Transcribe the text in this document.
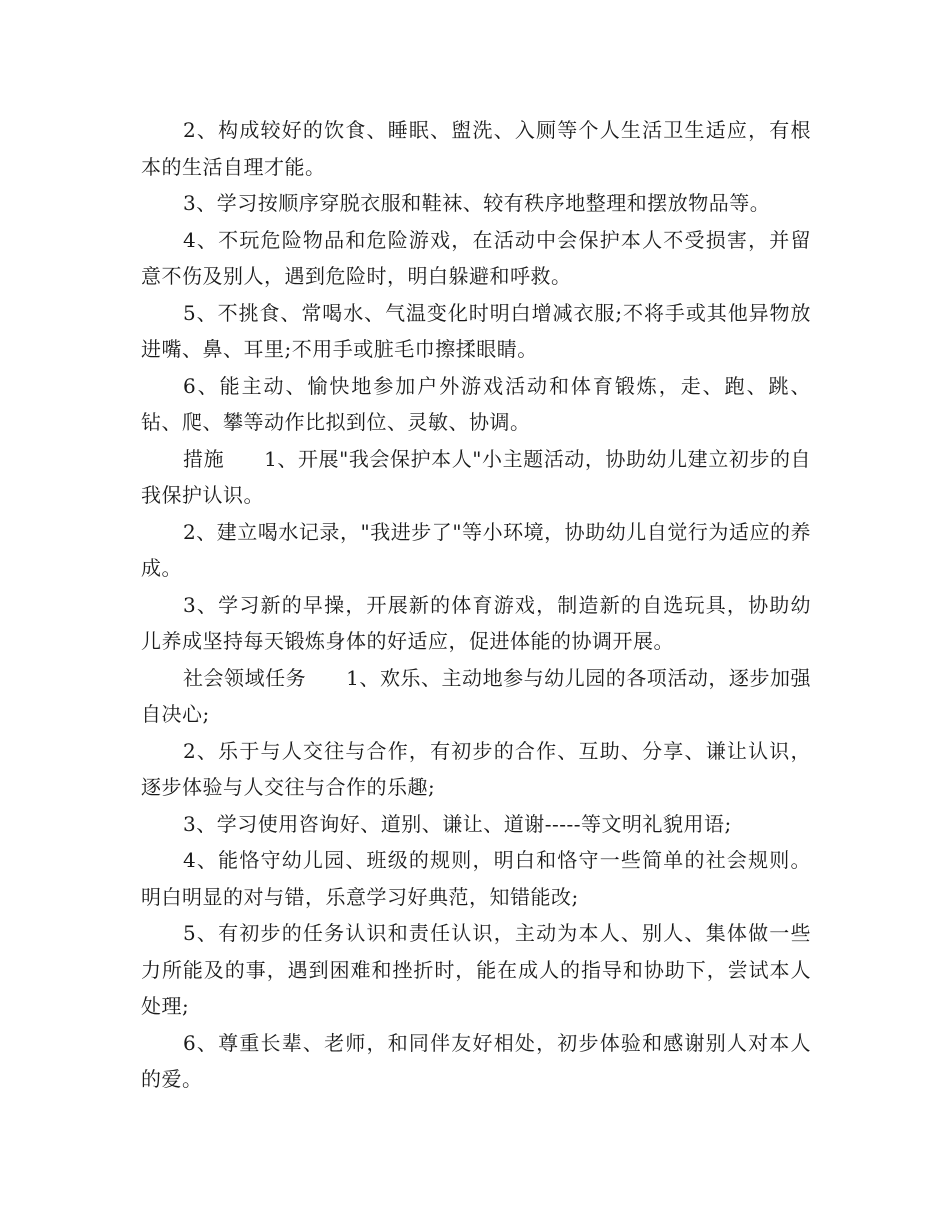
2、构成较好的饮食、睡眠、盥洗、入厕等个人生活卫生适应，有根本的生活自理才能。

3、学习按顺序穿脱衣服和鞋袜、较有秩序地整理和摆放物品等。

4、不玩危险物品和危险游戏，在活动中会保护本人不受损害，并留意不伤及别人，遇到危险时，明白躲避和呼救。

5、不挑食、常喝水、气温变化时明白增减衣服;不将手或其他异物放进嘴、鼻、耳里;不用手或脏毛巾擦揉眼睛。

6、能主动、愉快地参加户外游戏活动和体育锻炼，走、跑、跳、钻、爬、攀等动作比拟到位、灵敏、协调。

措施 1、开展"我会保护本人"小主题活动，协助幼儿建立初步的自我保护认识。

2、建立喝水记录，"我进步了"等小环境，协助幼儿自觉行为适应的养成。

3、学习新的早操，开展新的体育游戏，制造新的自选玩具，协助幼儿养成坚持每天锻炼身体的好适应，促进体能的协调开展。

社会领域任务 1、欢乐、主动地参与幼儿园的各项活动，逐步加强自决心;

2、乐于与人交往与合作，有初步的合作、互助、分享、谦让认识，逐步体验与人交往与合作的乐趣;

3、学习使用咨询好、道别、谦让、道谢-----等文明礼貌用语;

4、能恪守幼儿园、班级的规则，明白和恪守一些简单的社会规则。明白明显的对与错，乐意学习好典范，知错能改;

5、有初步的任务认识和责任认识，主动为本人、别人、集体做一些力所能及的事，遇到困难和挫折时，能在成人的指导和协助下，尝试本人处理;

6、尊重长辈、老师，和同伴友好相处，初步体验和感谢别人对本人的爱。
